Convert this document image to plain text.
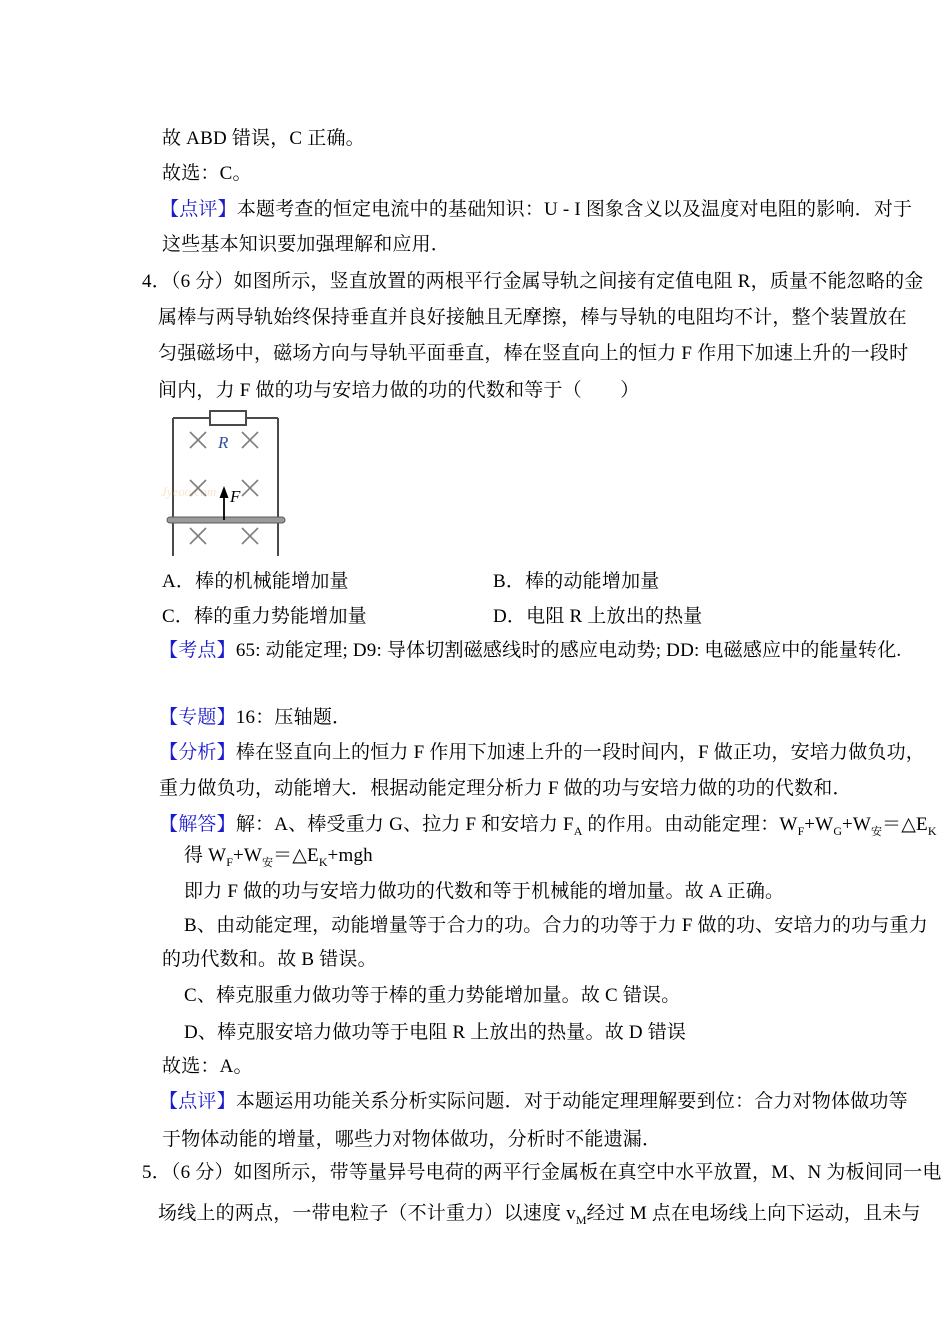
故 ABD 错误，C 正确。
故选：C。
【点评】本题考查的恒定电流中的基础知识：U - I 图象含义以及温度对电阻的影响．对于
这些基本知识要加强理解和应用．
4．（6 分）如图所示，竖直放置的两根平行金属导轨之间接有定值电阻 R，质量不能忽略的金
属棒与两导轨始终保持垂直并良好接触且无摩擦，棒与导轨的电阻均不计，整个装置放在
匀强磁场中，磁场方向与导轨平面垂直，棒在竖直向上的恒力 F 作用下加速上升的一段时
间内，力 F 做的功与安培力做的功的代数和等于（　　）
Jyeoo.com
R
F
A．棒的机械能增加量	B．棒的动能增加量
C．棒的重力势能增加量	D．电阻 R 上放出的热量
【考点】65: 动能定理; D9: 导体切割磁感线时的感应电动势; DD: 电磁感应中的能量转化.
【专题】16：压轴题．
【分析】棒在竖直向上的恒力 F 作用下加速上升的一段时间内，F 做正功，安培力做负功，
重力做负功，动能增大．根据动能定理分析力 F 做的功与安培力做的功的代数和．
【解答】解：A、棒受重力 G、拉力 F 和安培力 $F_A$ 的作用。由动能定理：$W_F+W_G+W_安=\triangle E_K$
得 $W_F+W_安=\triangle E_K+mgh$
即力 F 做的功与安培力做功的代数和等于机械能的增加量。故 A 正确。
B、由动能定理，动能增量等于合力的功。合力的功等于力 F 做的功、安培力的功与重力
的功代数和。故 B 错误。
C、棒克服重力做功等于棒的重力势能增加量。故 C 错误。
D、棒克服安培力做功等于电阻 R 上放出的热量。故 D 错误
故选：A。
【点评】本题运用功能关系分析实际问题．对于动能定理理解要到位：合力对物体做功等
于物体动能的增量，哪些力对物体做功，分析时不能遗漏．
5．（6 分）如图所示，带等量异号电荷的两平行金属板在真空中水平放置，M、N 为板间同一电
场线上的两点，一带电粒子（不计重力）以速度 $v_M$经过 M 点在电场线上向下运动，且未与
